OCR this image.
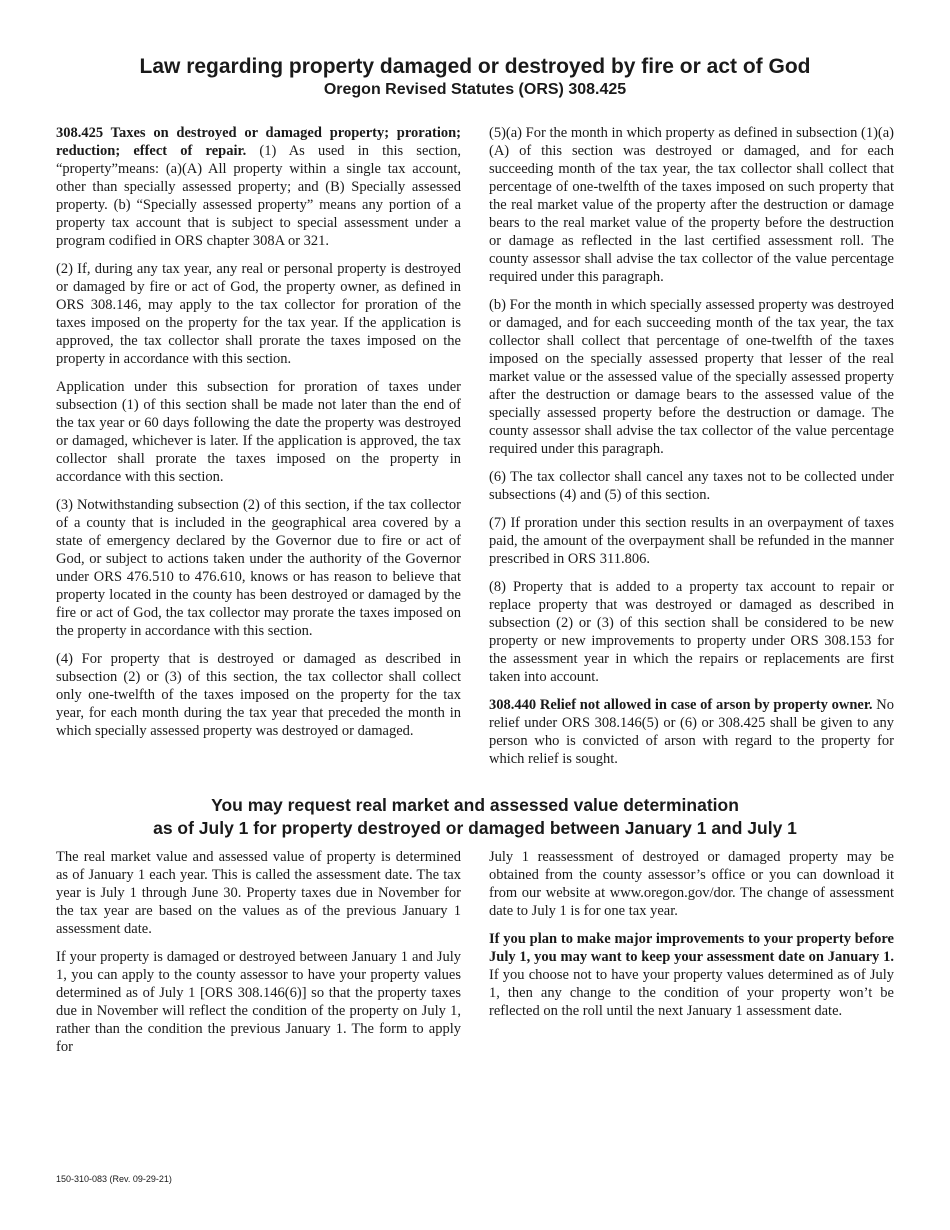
Law regarding property damaged or destroyed by fire or act of God
Oregon Revised Statutes (ORS) 308.425

308.425 Taxes on destroyed or damaged property; proration; reduction; effect of repair. (1) As used in this section, “property”means: (a)(A) All property within a single tax account, other than specially assessed property; and (B) Specially assessed property. (b) “Specially assessed property” means any portion of a property tax account that is subject to special assessment under a program codified in ORS chapter 308A or 321.

(2) If, during any tax year, any real or personal property is destroyed or damaged by fire or act of God, the property owner, as defined in ORS 308.146, may apply to the tax collector for proration of the taxes imposed on the property for the tax year. If the application is approved, the tax collector shall prorate the taxes imposed on the property in accordance with this section.

Application under this subsection for proration of taxes under subsection (1) of this section shall be made not later than the end of the tax year or 60 days following the date the property was destroyed or damaged, whichever is later. If the application is approved, the tax collector shall prorate the taxes imposed on the property in accordance with this section.

(3) Notwithstanding subsection (2) of this section, if the tax collector of a county that is included in the geographical area covered by a state of emergency declared by the Governor due to fire or act of God, or subject to actions taken under the authority of the Governor under ORS 476.510 to 476.610, knows or has reason to believe that property located in the county has been destroyed or damaged by the fire or act of God, the tax collector may prorate the taxes imposed on the property in accordance with this section.

(4) For property that is destroyed or damaged as described in subsection (2) or (3) of this section, the tax collector shall collect only one-twelfth of the taxes imposed on the property for the tax year, for each month during the tax year that preceded the month in which specially assessed property was destroyed or damaged.

(5)(a) For the month in which property as defined in subsection (1)(a)(A) of this section was destroyed or damaged, and for each succeeding month of the tax year, the tax collector shall collect that percentage of one-twelfth of the taxes imposed on such property that the real market value of the property after the destruction or damage bears to the real market value of the property before the destruction or damage as reflected in the last certified assessment roll. The county assessor shall advise the tax collector of the value percentage required under this paragraph.

(b) For the month in which specially assessed property was destroyed or damaged, and for each succeeding month of the tax year, the tax collector shall collect that percentage of one-twelfth of the taxes imposed on the specially assessed property that lesser of the real market value or the assessed value of the specially assessed property after the destruction or damage bears to the assessed value of the specially assessed property before the destruction or damage. The county assessor shall advise the tax collector of the value percentage required under this paragraph.

(6) The tax collector shall cancel any taxes not to be collected under subsections (4) and (5) of this section.

(7) If proration under this section results in an overpayment of taxes paid, the amount of the overpayment shall be refunded in the manner prescribed in ORS 311.806.

(8) Property that is added to a property tax account to repair or replace property that was destroyed or damaged as described in subsection (2) or (3) of this section shall be considered to be new property or new improvements to property under ORS 308.153 for the assessment year in which the repairs or replacements are first taken into account.

308.440 Relief not allowed in case of arson by property owner. No relief under ORS 308.146(5) or (6) or 308.425 shall be given to any person who is convicted of arson with regard to the property for which relief is sought.

You may request real market and assessed value determination
as of July 1 for property destroyed or damaged between January 1 and July 1

The real market value and assessed value of property is determined as of January 1 each year. This is called the assessment date. The tax year is July 1 through June 30. Property taxes due in November for the tax year are based on the values as of the previous January 1 assessment date.

If your property is damaged or destroyed between January 1 and July 1, you can apply to the county assessor to have your property values determined as of July 1 [ORS 308.146(6)] so that the property taxes due in November will reflect the condition of the property on July 1, rather than the condition the previous January 1. The form to apply for

July 1 reassessment of destroyed or damaged property may be obtained from the county assessor’s office or you can download it from our website at www.oregon.gov/dor. The change of assessment date to July 1 is for one tax year.

If you plan to make major improvements to your property before July 1, you may want to keep your assessment date on January 1. If you choose not to have your property values determined as of July 1, then any change to the condition of your property won’t be reflected on the roll until the next January 1 assessment date.

150-310-083 (Rev. 09-29-21)
